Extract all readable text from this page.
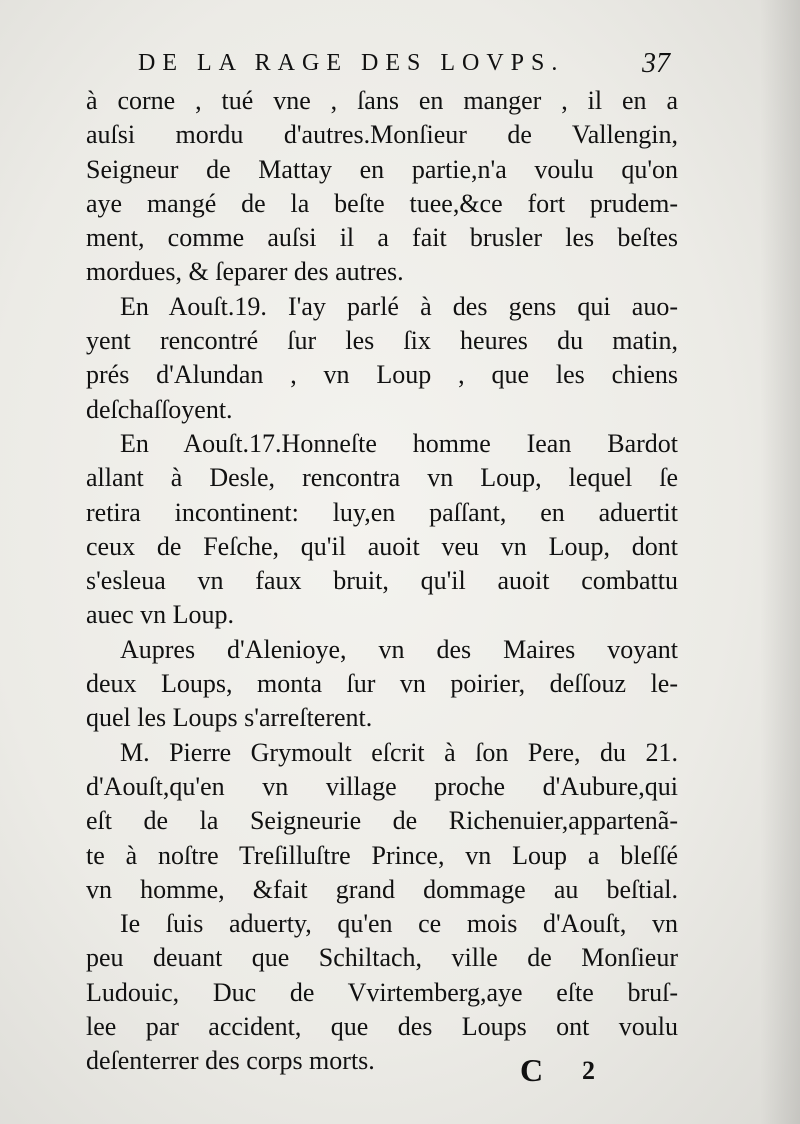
DE LA RAGE DES LOVPS.	37
à corne , tué vne , ſans en manger , il en a
auſsi mordu d'autres.Monſieur de Vallengin,
Seigneur de Mattay en partie,n'a voulu qu'on
aye mangé de la beſte tuee,&ce fort prudem-
ment, comme auſsi il a fait brusler les beſtes
mordues, & ſeparer des autres.
En Aouſt.19. I'ay parlé à des gens qui auo-
yent rencontré ſur les ſix heures du matin,
prés d'Alundan , vn Loup , que les chiens
deſchaſſoyent.
En Aouſt.17.Honneſte homme Iean Bardot
allant à Desle, rencontra vn Loup, lequel ſe
retira incontinent: luy,en paſſant, en aduertit
ceux de Feſche, qu'il auoit veu vn Loup, dont
s'esleua vn faux bruit, qu'il auoit combattu
auec vn Loup.
Aupres d'Alenioye, vn des Maires voyant
deux Loups, monta ſur vn poirier, deſſouz le-
quel les Loups s'arreſterent.
M. Pierre Grymoult eſcrit à ſon Pere, du 21.
d'Aouſt,qu'en vn village proche d'Aubure,qui
eſt de la Seigneurie de Richenuier,appartenã-
te à noſtre Treſilluſtre Prince, vn Loup a bleſſé
vn homme, &fait grand dommage au beſtial.
Ie ſuis aduerty, qu'en ce mois d'Aouſt, vn
peu deuant que Schiltach, ville de Monſieur
Ludouic, Duc de Vvirtemberg,aye eſte bruſ-
lee par accident, que des Loups ont voulu
deſenterrer des corps morts.	C 2
